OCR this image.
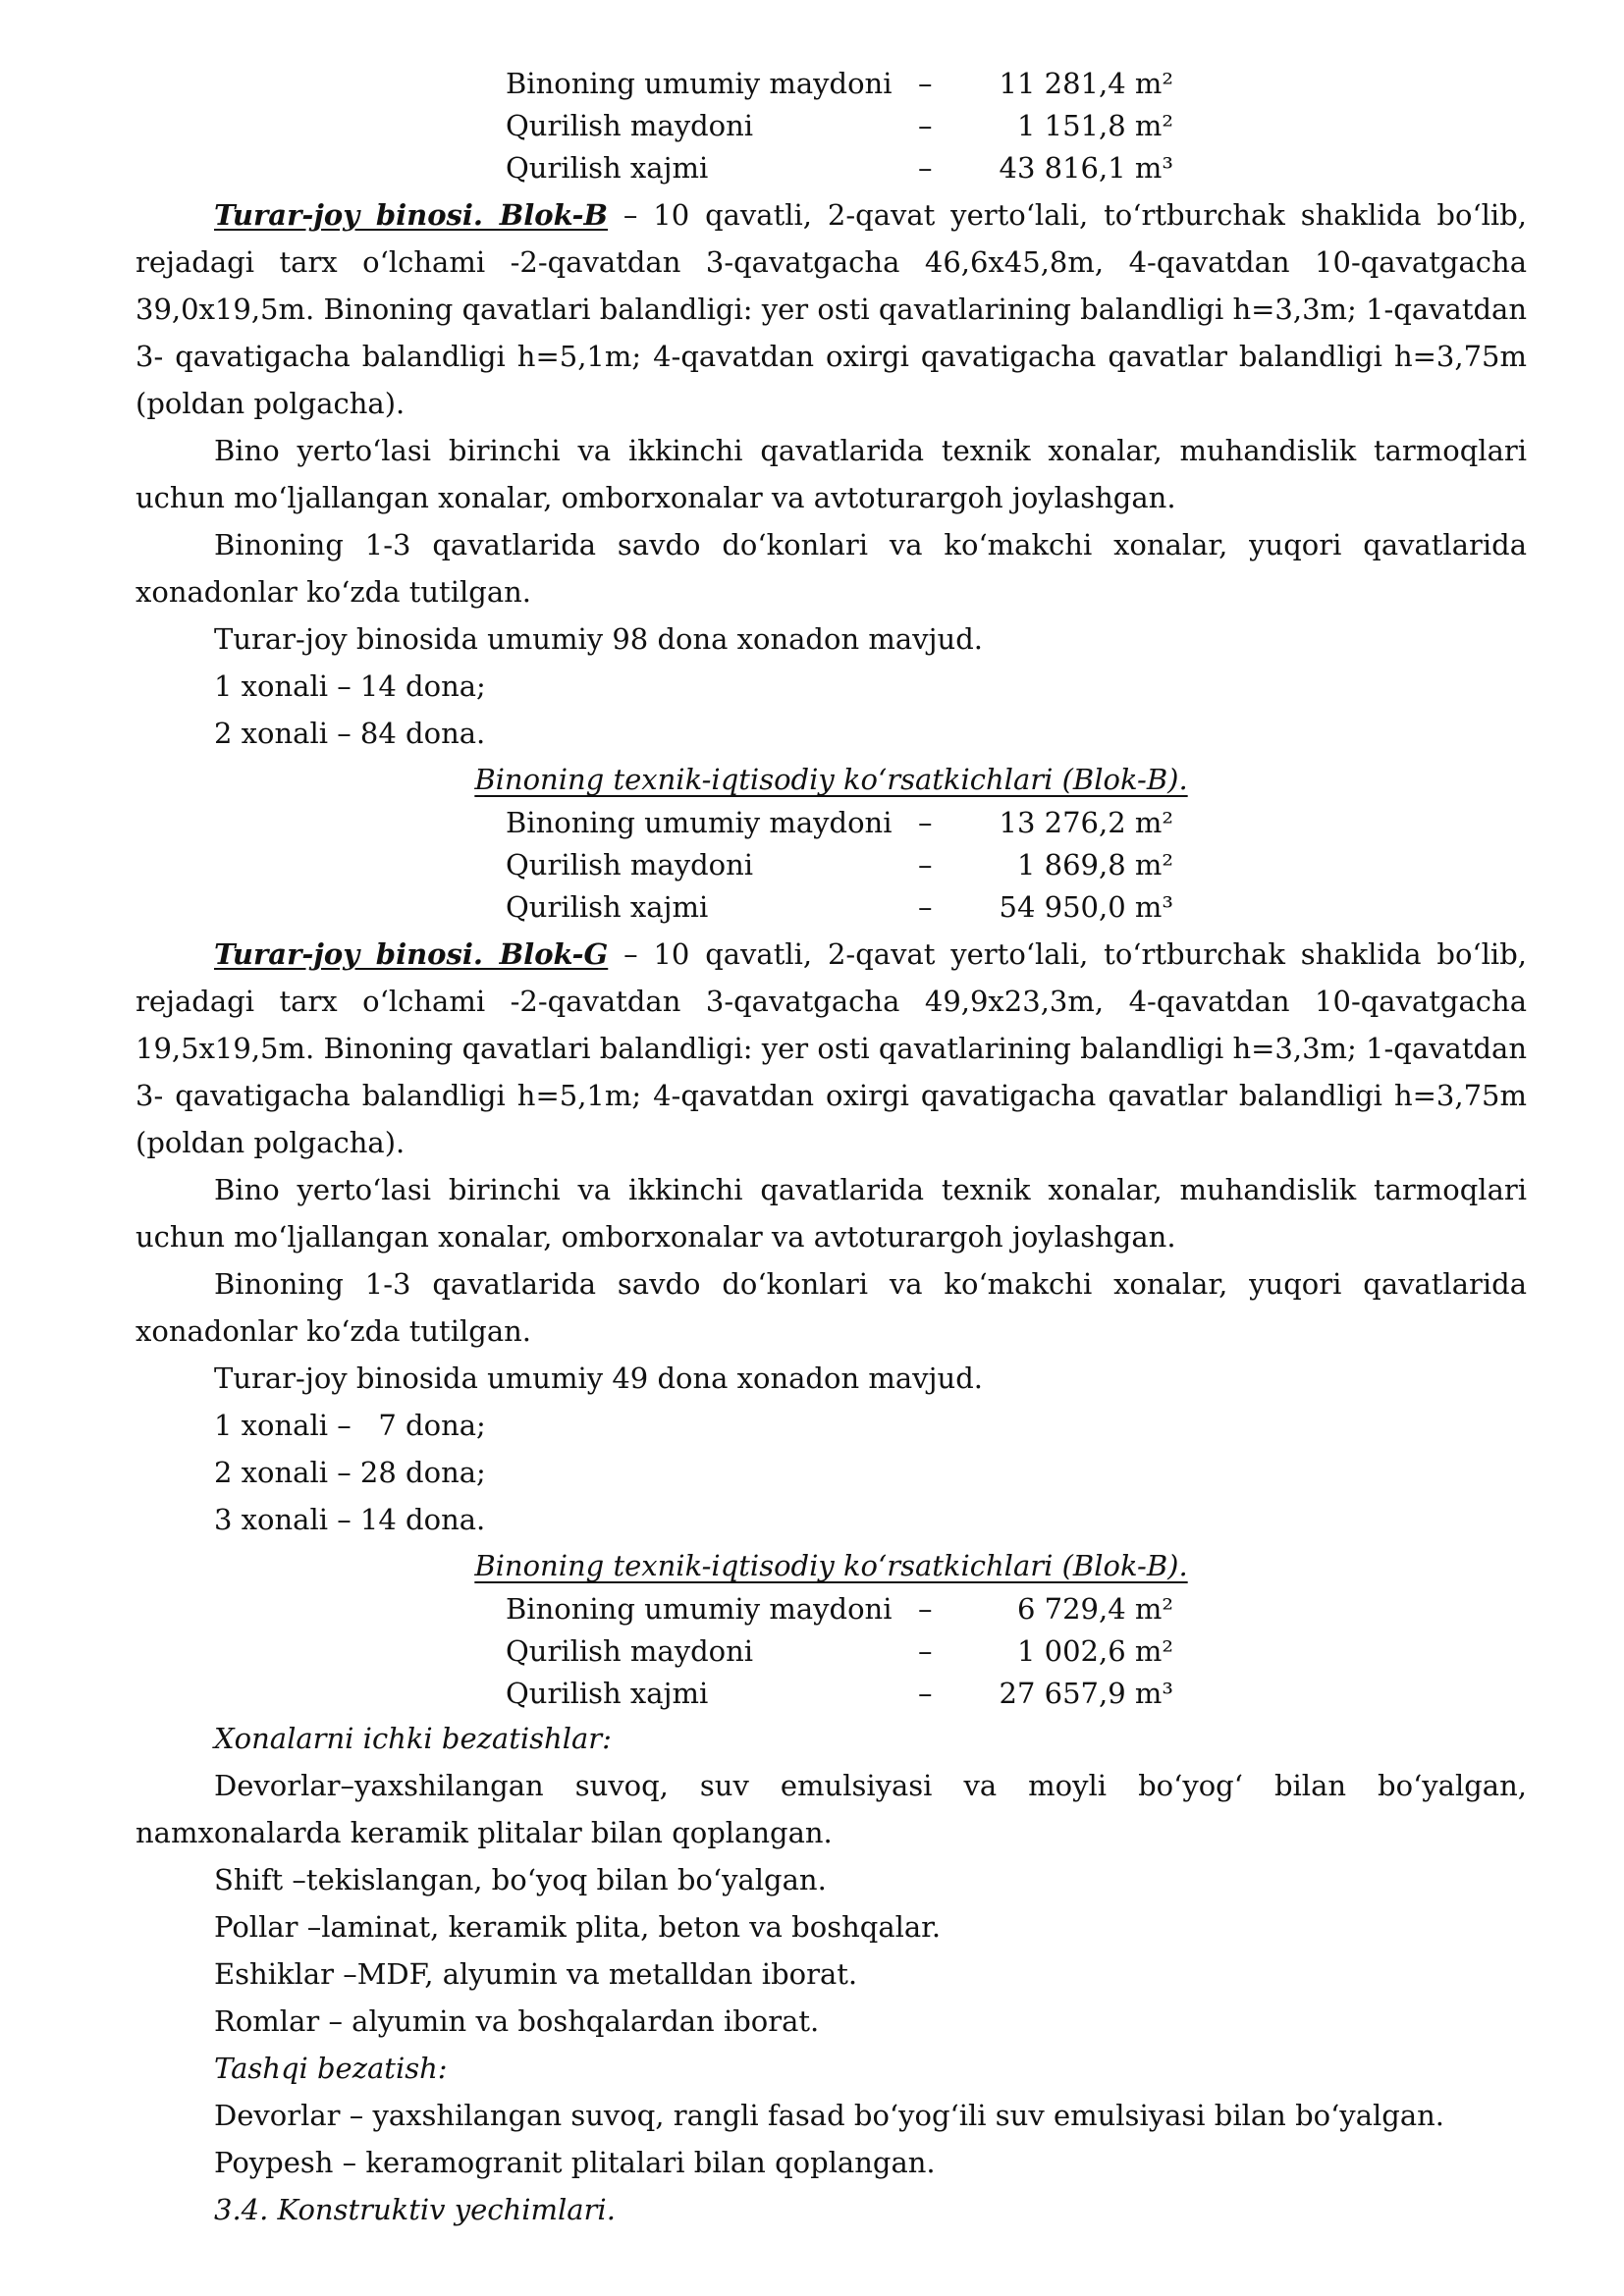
Binoning umumiy maydoni –	11 281,4 m²
Qurilish maydoni	–	1 151,8 m²
Qurilish xajmi	–	43 816,1 m³

Turar-joy binosi. Blok-B – 10 qavatli, 2-qavat yerto‘lali, to‘rtburchak shaklida bo‘lib, rejadagi tarx o‘lchami -2-qavatdan 3-qavatgacha 46,6x45,8m, 4-qavatdan 10-qavatgacha 39,0x19,5m. Binoning qavatlari balandligi: yer osti qavatlarining balandligi h=3,3m; 1-qavatdan 3- qavatigacha balandligi h=5,1m; 4-qavatdan oxirgi qavatigacha qavatlar balandligi h=3,75m (poldan polgacha).

Bino yerto‘lasi birinchi va ikkinchi qavatlarida texnik xonalar, muhandislik tarmoqlari uchun mo‘ljallangan xonalar, omborxonalar va avtoturargoh joylashgan.

Binoning 1-3 qavatlarida savdo do‘konlari va ko‘makchi xonalar, yuqori qavatlarida xonadonlar ko‘zda tutilgan.

Turar-joy binosida umumiy 98 dona xonadon mavjud.

1 xonali – 14 dona;

2 xonali – 84 dona.

Binoning texnik-iqtisodiy ko‘rsatkichlari (Blok-B).

Binoning umumiy maydoni –	13 276,2 m²
Qurilish maydoni	–	1 869,8 m²
Qurilish xajmi	–	54 950,0 m³

Turar-joy binosi. Blok-G – 10 qavatli, 2-qavat yerto‘lali, to‘rtburchak shaklida bo‘lib, rejadagi tarx o‘lchami -2-qavatdan 3-qavatgacha 49,9x23,3m, 4-qavatdan 10-qavatgacha 19,5x19,5m. Binoning qavatlari balandligi: yer osti qavatlarining balandligi h=3,3m; 1-qavatdan 3- qavatigacha balandligi h=5,1m; 4-qavatdan oxirgi qavatigacha qavatlar balandligi h=3,75m (poldan polgacha).

Bino yerto‘lasi birinchi va ikkinchi qavatlarida texnik xonalar, muhandislik tarmoqlari uchun mo‘ljallangan xonalar, omborxonalar va avtoturargoh joylashgan.

Binoning 1-3 qavatlarida savdo do‘konlari va ko‘makchi xonalar, yuqori qavatlarida xonadonlar ko‘zda tutilgan.

Turar-joy binosida umumiy 49 dona xonadon mavjud.

1 xonali –   7 dona;

2 xonali – 28 dona;

3 xonali – 14 dona.

Binoning texnik-iqtisodiy ko‘rsatkichlari (Blok-B).

Binoning umumiy maydoni –	6 729,4 m²
Qurilish maydoni	–	1 002,6 m²
Qurilish xajmi	–	27 657,9 m³

Xonalarni ichki bezatishlar:

Devorlar–yaxshilangan suvoq, suv emulsiyasi va moyli bo‘yog‘ bilan bo‘yalgan, namxonalarda keramik plitalar bilan qoplangan.

Shift –tekislangan, bo‘yoq bilan bo‘yalgan.

Pollar –laminat, keramik plita, beton va boshqalar.

Eshiklar –MDF, alyumin va metalldan iborat.

Romlar – alyumin va boshqalardan iborat.

Tashqi bezatish:

Devorlar – yaxshilangan suvoq, rangli fasad bo‘yog‘ili suv emulsiyasi bilan bo‘yalgan.

Poypesh – keramogranit plitalari bilan qoplangan.

3.4. Konstruktiv yechimlari.
